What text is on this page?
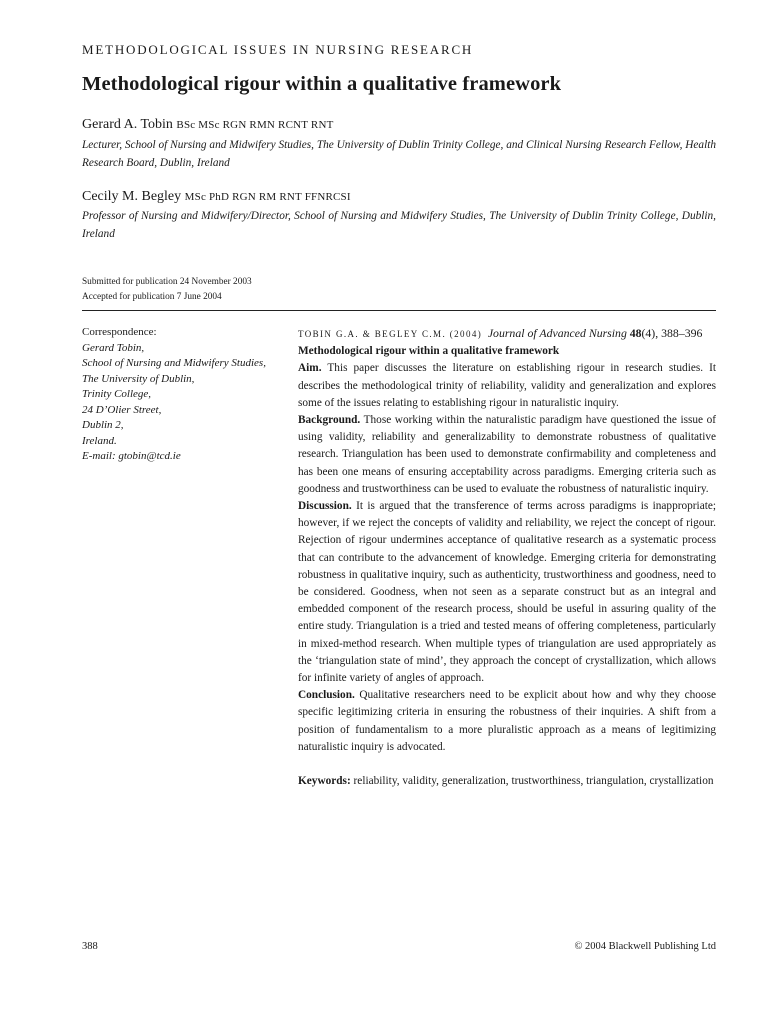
METHODOLOGICAL ISSUES IN NURSING RESEARCH
Methodological rigour within a qualitative framework
Gerard A. Tobin BSc MSc RGN RMN RCNT RNT
Lecturer, School of Nursing and Midwifery Studies, The University of Dublin Trinity College, and Clinical Nursing Research Fellow, Health Research Board, Dublin, Ireland
Cecily M. Begley MSc PhD RGN RM RNT FFNRCSI
Professor of Nursing and Midwifery/Director, School of Nursing and Midwifery Studies, The University of Dublin Trinity College, Dublin, Ireland
Submitted for publication 24 November 2003
Accepted for publication 7 June 2004
Correspondence:
Gerard Tobin,
School of Nursing and Midwifery Studies,
The University of Dublin,
Trinity College,
24 D’Olier Street,
Dublin 2,
Ireland.
E-mail: gtobin@tcd.ie
TOBIN G.A. & BEGLEY C.M. (2004) Journal of Advanced Nursing 48(4), 388–396
Methodological rigour within a qualitative framework
Aim. This paper discusses the literature on establishing rigour in research studies. It describes the methodological trinity of reliability, validity and generalization and explores some of the issues relating to establishing rigour in naturalistic inquiry.
Background. Those working within the naturalistic paradigm have questioned the issue of using validity, reliability and generalizability to demonstrate robustness of qualitative research. Triangulation has been used to demonstrate confirmability and completeness and has been one means of ensuring acceptability across paradigms. Emerging criteria such as goodness and trustworthiness can be used to evaluate the robustness of naturalistic inquiry.
Discussion. It is argued that the transference of terms across paradigms is inappropriate; however, if we reject the concepts of validity and reliability, we reject the concept of rigour. Rejection of rigour undermines acceptance of qualitative research as a systematic process that can contribute to the advancement of knowledge. Emerging criteria for demonstrating robustness in qualitative inquiry, such as authenticity, trustworthiness and goodness, need to be considered. Goodness, when not seen as a separate construct but as an integral and embedded component of the research process, should be useful in assuring quality of the entire study. Triangulation is a tried and tested means of offering completeness, particularly in mixed-method research. When multiple types of triangulation are used appropriately as the ‘triangulation state of mind’, they approach the concept of crystallization, which allows for infinite variety of angles of approach.
Conclusion. Qualitative researchers need to be explicit about how and why they choose specific legitimizing criteria in ensuring the robustness of their inquiries. A shift from a position of fundamentalism to a more pluralistic approach as a means of legitimizing naturalistic inquiry is advocated.
Keywords: reliability, validity, generalization, trustworthiness, triangulation, crystallization
388	© 2004 Blackwell Publishing Ltd
